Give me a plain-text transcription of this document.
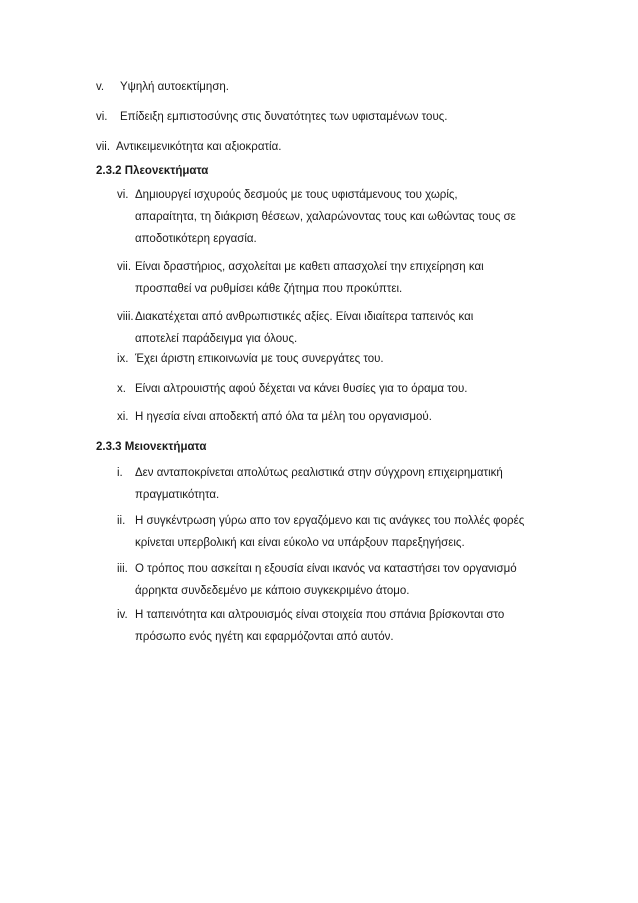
v. Υψηλή αυτοεκτίμηση.
vi. Επίδειξη εμπιστοσύνης στις δυνατότητες των υφισταμένων τους.
vii. Αντικειμενικότητα και αξιοκρατία.
2.3.2 Πλεονεκτήματα
vi. Δημιουργεί ισχυρούς δεσμούς με τους υφιστάμενους του χωρίς,
απαραίτητα, τη διάκριση θέσεων, χαλαρώνοντας τους και ωθώντας τους σε
αποδοτικότερη εργασία.
vii. Είναι δραστήριος, ασχολείται με καθετι απασχολεί την επιχείρηση και
προσπαθεί να ρυθμίσει κάθε ζήτημα που προκύπτει.
viii. Διακατέχεται από ανθρωπιστικές αξίες. Είναι ιδιαίτερα ταπεινός και
αποτελεί παράδειγμα για όλους.
ix. Έχει άριστη επικοινωνία με τους συνεργάτες του.
x. Είναι αλτρουιστής αφού δέχεται να κάνει θυσίες για το όραμα του.
xi. Η ηγεσία είναι αποδεκτή από όλα τα μέλη του οργανισμού.
2.3.3 Μειονεκτήματα
i. Δεν ανταποκρίνεται απολύτως ρεαλιστικά στην σύγχρονη επιχειρηματική
πραγματικότητα.
ii. Η συγκέντρωση γύρω απο τον εργαζόμενο και τις ανάγκες του πολλές φορές
κρίνεται υπερβολική και είναι εύκολο να υπάρξουν παρεξηγήσεις.
iii. Ο τρόπος που ασκείται η εξουσία είναι ικανός να καταστήσει τον οργανισμό
άρρηκτα συνδεδεμένο με κάποιο συγκεκριμένο άτομο.
iv. Η ταπεινότητα και αλτρουισμός είναι στοιχεία που σπάνια βρίσκονται στο
πρόσωπο ενός ηγέτη και εφαρμόζονται από αυτόν.
